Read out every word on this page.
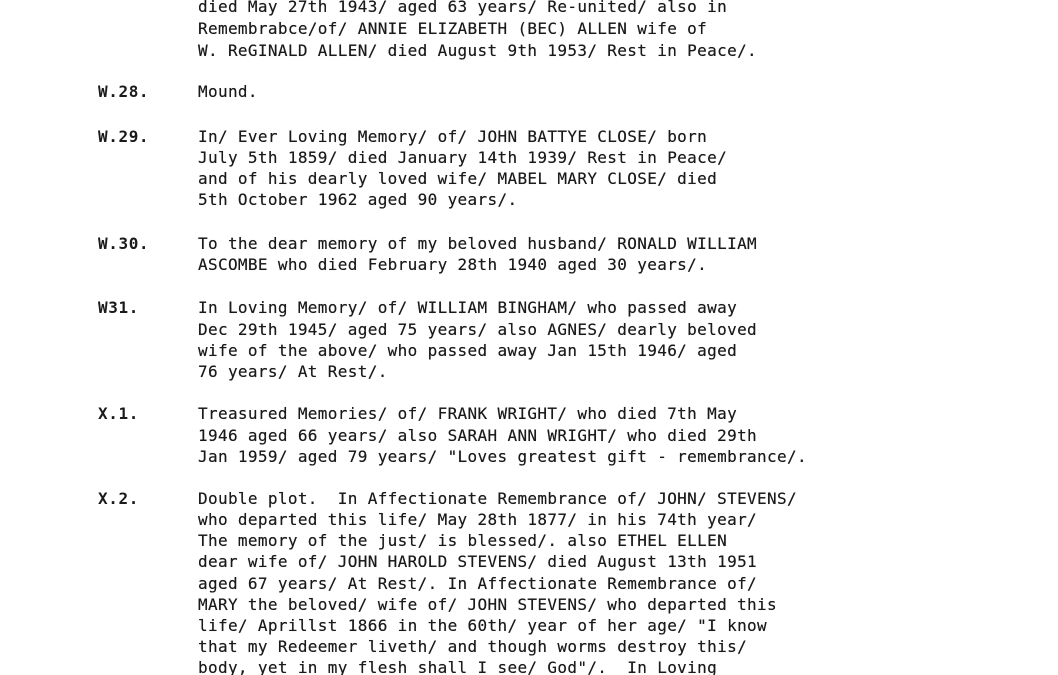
died May 27th 1943/ aged 63 years/ Re-united/ also in
Remembrabce/of/ ANNIE ELIZABETH (BEC) ALLEN wife of
W. ReGINALD ALLEN/ died August 9th 1953/ Rest in Peace/.
W.28.	Mound.
W.29.	In/ Ever Loving Memory/ of/ JOHN BATTYE CLOSE/ born
July 5th 1859/ died January 14th 1939/ Rest in Peace/
and of his dearly loved wife/ MABEL MARY CLOSE/ died
5th October 1962 aged 90 years/.
W.30.	To the dear memory of my beloved husband/ RONALD WILLIAM
ASCOMBE who died February 28th 1940 aged 30 years/.
W31.	In Loving Memory/ of/ WILLIAM BINGHAM/ who passed away
Dec 29th 1945/ aged 75 years/ also AGNES/ dearly beloved
wife of the above/ who passed away Jan 15th 1946/ aged
76 years/ At Rest/.
X.1.	Treasured Memories/ of/ FRANK WRIGHT/ who died 7th May
1946 aged 66 years/ also SARAH ANN WRIGHT/ who died 29th
Jan 1959/ aged 79 years/ "Loves greatest gift - remembrance/.
X.2.	Double plot.  In Affectionate Remembrance of/ JOHN/ STEVENS/
who departed this life/ May 28th 1877/ in his 74th year/
The memory of the just/ is blessed/. also ETHEL ELLEN
dear wife of/ JOHN HAROLD STEVENS/ died August 13th 1951
aged 67 years/ At Rest/. In Affectionate Remembrance of/
MARY the beloved/ wife of/ JOHN STEVENS/ who departed this
life/ Aprillst 1866 in the 60th/ year of her age/ "I know
that my Redeemer liveth/ and though worms destroy this/
body, yet in my flesh shall I see/ God"/.  In Loving
